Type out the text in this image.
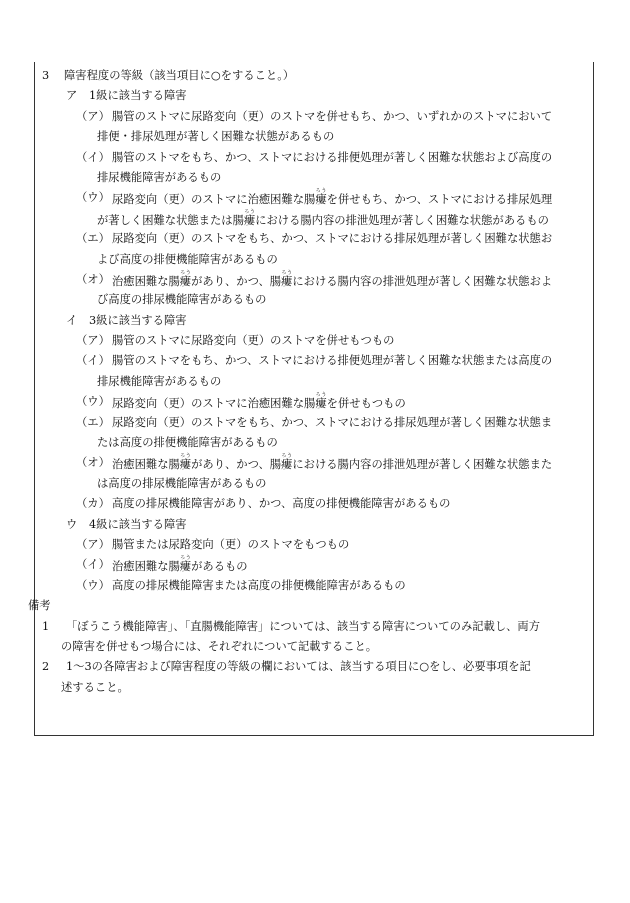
3 障害程度の等級（該当項目に○をすること。）
ア 1級に該当する障害
（ア） 腸管のストマに尿路変向（更）のストマを併せもち、かつ、いずれかのストマにおいて
排便・排尿処理が著しく困難な状態があるもの
（イ） 腸管のストマをもち、かつ、ストマにおける排便処理が著しく困難な状態および高度の
排尿機能障害があるもの
（ウ） 尿路変向（更）のストマに治癒困難な腸瘻ろうを併せもち、かつ、ストマにおける排尿処理
が著しく困難な状態または腸瘻ろうにおける腸内容の排泄処理が著しく困難な状態があるもの
（エ） 尿路変向（更）のストマをもち、かつ、ストマにおける排尿処理が著しく困難な状態お
よび高度の排便機能障害があるもの
（オ） 治癒困難な腸瘻ろうがあり、かつ、腸瘻ろうにおける腸内容の排泄処理が著しく困難な状態およ
び高度の排尿機能障害があるもの
イ 3級に該当する障害
（ア） 腸管のストマに尿路変向（更）のストマを併せもつもの
（イ） 腸管のストマをもち、かつ、ストマにおける排便処理が著しく困難な状態または高度の
排尿機能障害があるもの
（ウ） 尿路変向（更）のストマに治癒困難な腸瘻ろうを併せもつもの
（エ） 尿路変向（更）のストマをもち、かつ、ストマにおける排尿処理が著しく困難な状態ま
たは高度の排便機能障害があるもの
（オ） 治癒困難な腸瘻ろうがあり、かつ、腸瘻ろうにおける腸内容の排泄処理が著しく困難な状態また
は高度の排尿機能障害があるもの
（カ） 高度の排尿機能障害があり、かつ、高度の排便機能障害があるもの
ウ 4級に該当する障害
（ア） 腸管または尿路変向（更）のストマをもつもの
（イ） 治癒困難な腸瘻ろうがあるもの
（ウ） 高度の排尿機能障害または高度の排便機能障害があるもの
備考
1 「ぼうこう機能障害」、「直腸機能障害」については、該当する障害についてのみ記載し、両方
の障害を併せもつ場合には、それぞれについて記載すること。
2 1～3の各障害および障害程度の等級の欄においては、該当する項目に○をし、必要事項を記
述すること。
